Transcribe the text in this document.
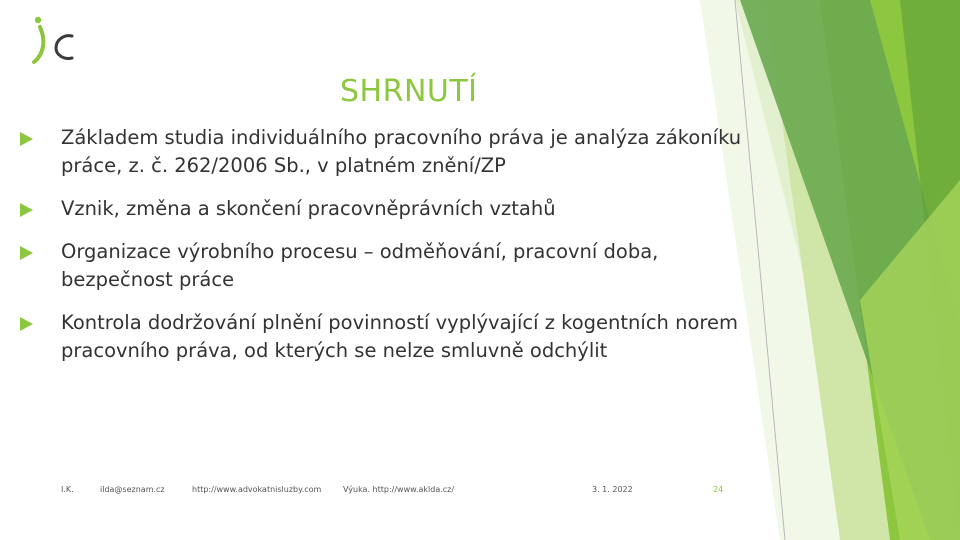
SHRNUTÍ
Základem studia individuálního pracovního práva je analýza zákoníku práce, z. č. 262/2006 Sb., v platném znění/ZP
Vznik, změna a skončení pracovněprávních vztahů
Organizace výrobního procesu – odměňování, pracovní doba, bezpečnost práce
Kontrola dodržování plnění povinností vyplývající z kogentních norem pracovního práva, od kterých se nelze smluvně odchýlit
I.K.	ilda@seznam.cz	http://www.advokatnisluzby.com	Výuka. http://www.aklda.cz/	3. 1. 2022	24
